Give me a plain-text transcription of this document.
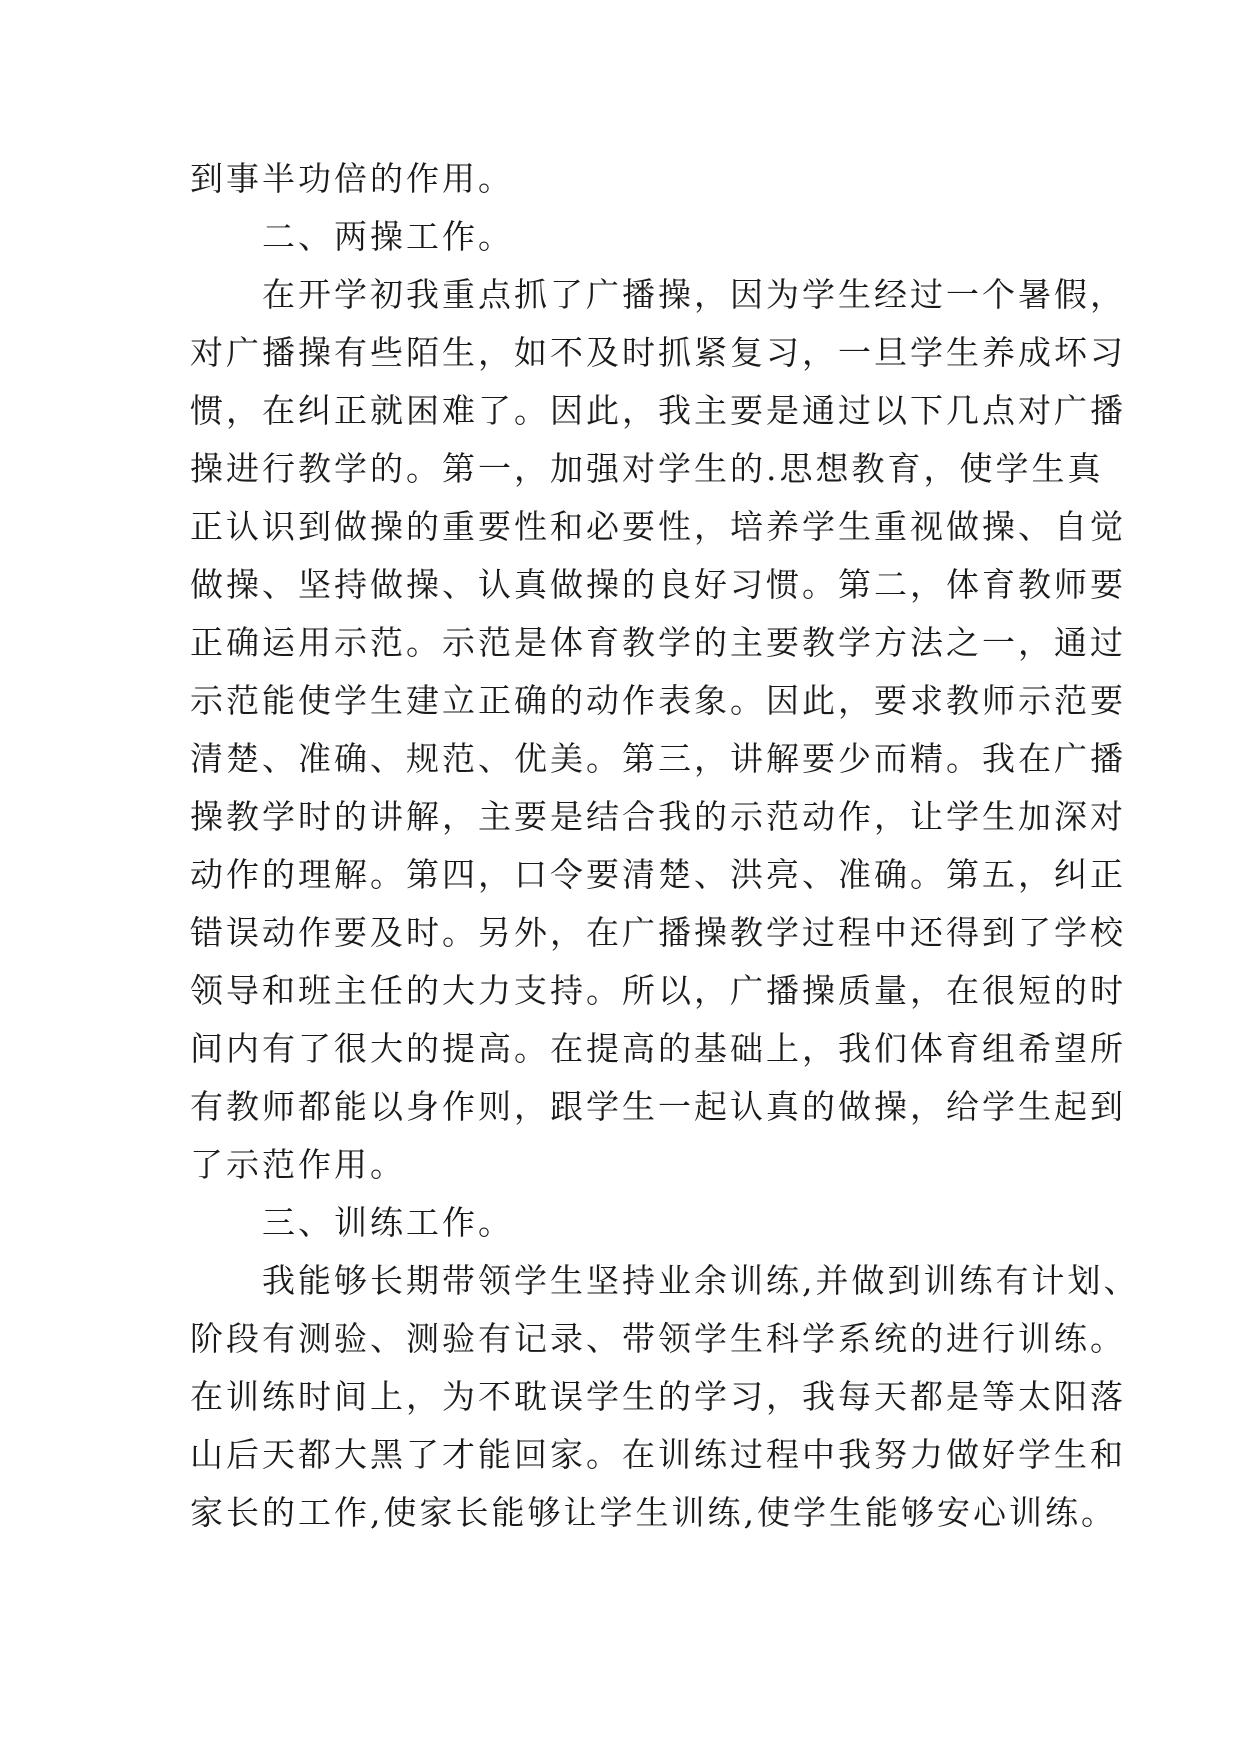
到事半功倍的作用。
　　二、两操工作。
　　在开学初我重点抓了广播操，因为学生经过一个暑假，
对广播操有些陌生，如不及时抓紧复习，一旦学生养成坏习
惯，在纠正就困难了。因此，我主要是通过以下几点对广播
操进行教学的。第一，加强对学生的.思想教育，使学生真
正认识到做操的重要性和必要性，培养学生重视做操、自觉
做操、坚持做操、认真做操的良好习惯。第二，体育教师要
正确运用示范。示范是体育教学的主要教学方法之一，通过
示范能使学生建立正确的动作表象。因此，要求教师示范要
清楚、准确、规范、优美。第三，讲解要少而精。我在广播
操教学时的讲解，主要是结合我的示范动作，让学生加深对
动作的理解。第四，口令要清楚、洪亮、准确。第五，纠正
错误动作要及时。另外，在广播操教学过程中还得到了学校
领导和班主任的大力支持。所以，广播操质量，在很短的时
间内有了很大的提高。在提高的基础上，我们体育组希望所
有教师都能以身作则，跟学生一起认真的做操，给学生起到
了示范作用。
　　三、训练工作。
　　我能够长期带领学生坚持业余训练,并做到训练有计划、
阶段有测验、测验有记录、带领学生科学系统的进行训练。
在训练时间上，为不耽误学生的学习，我每天都是等太阳落
山后天都大黑了才能回家。在训练过程中我努力做好学生和
家长的工作,使家长能够让学生训练,使学生能够安心训练。
